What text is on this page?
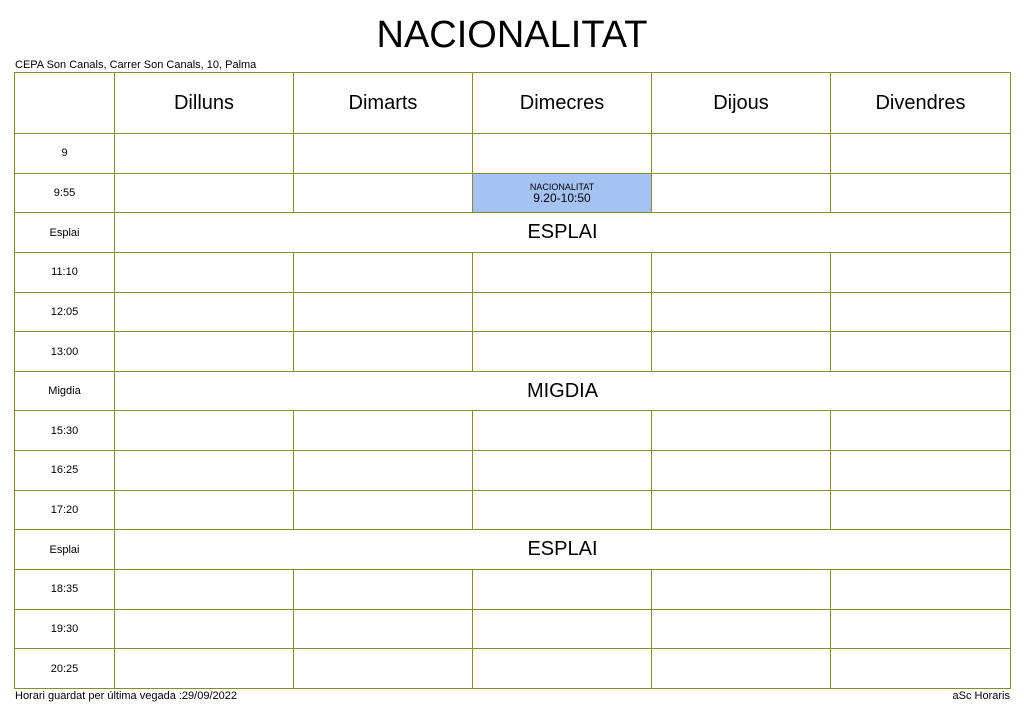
NACIONALITAT
CEPA Son Canals, Carrer Son Canals, 10, Palma
	Dilluns	Dimarts	Dimecres	Dijous	Divendres
9					
9:55			NACIONALITAT
9.20-10:50		

Esplai	ESPLAI				
11:10					
12:05					
13:00					
Migdia	MIGDIA				
15:30					
16:25					
17:20					
Esplai	ESPLAI				
18:35					
19:30					
20:25					
Horari guardat per última vegada :29/09/2022	aSc Horaris
